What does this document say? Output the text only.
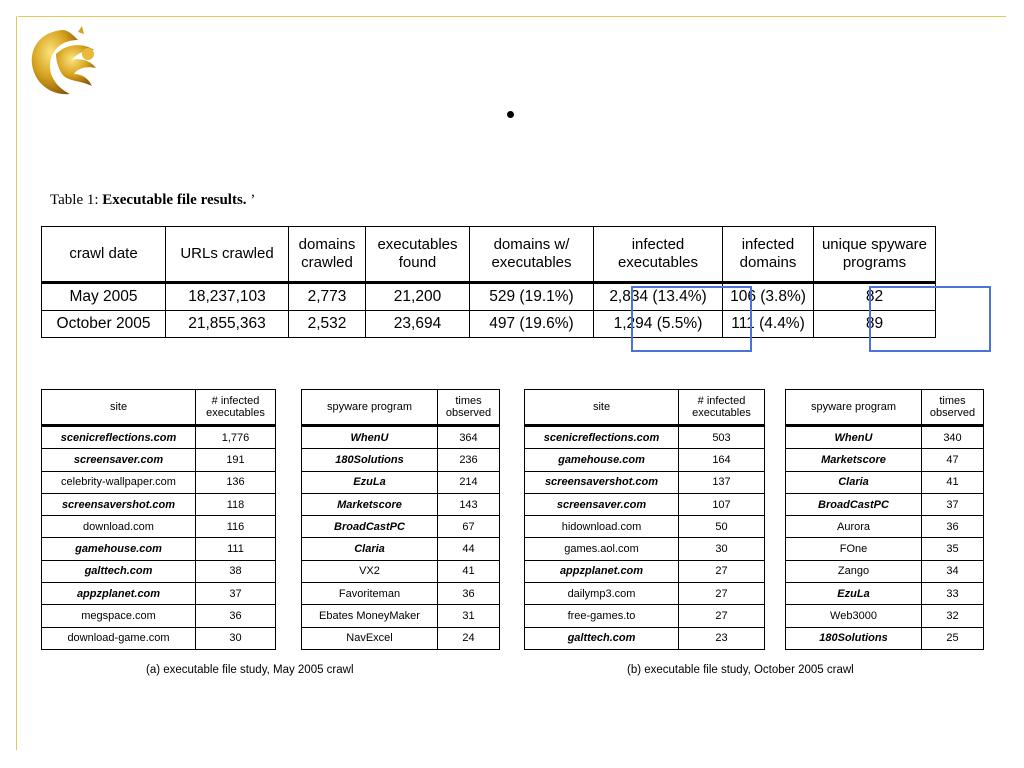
Table 1: Executable file results. ’
crawl date	URLs crawled	domains crawled	executables found	domains w/ executables	infected executables	infected domains	unique spyware programs
May 2005	18,237,103	2,773	21,200	529 (19.1%)	2,834 (13.4%)	106 (3.8%)	82
October 2005	21,855,363	2,532	23,694	497 (19.6%)	1,294 (5.5%)	111 (4.4%)	89
site	# infected executables
scenicreflections.com	1,776
screensaver.com	191
celebrity-wallpaper.com	136
screensavershot.com	118
download.com	116
gamehouse.com	111
galttech.com	38
appzplanet.com	37
megspace.com	36
download-game.com	30
spyware program	times observed
WhenU	364
180Solutions	236
EzuLa	214
Marketscore	143
BroadCastPC	67
Claria	44
VX2	41
Favoriteman	36
Ebates MoneyMaker	31
NavExcel	24
site	# infected executables
scenicreflections.com	503
gamehouse.com	164
screensavershot.com	137
screensaver.com	107
hidownload.com	50
games.aol.com	30
appzplanet.com	27
dailymp3.com	27
free-games.to	27
galttech.com	23
spyware program	times observed
WhenU	340
Marketscore	47
Claria	41
BroadCastPC	37
Aurora	36
FOne	35
Zango	34
EzuLa	33
Web3000	32
180Solutions	25
(a) executable file study, May 2005 crawl	(b) executable file study, October 2005 crawl
